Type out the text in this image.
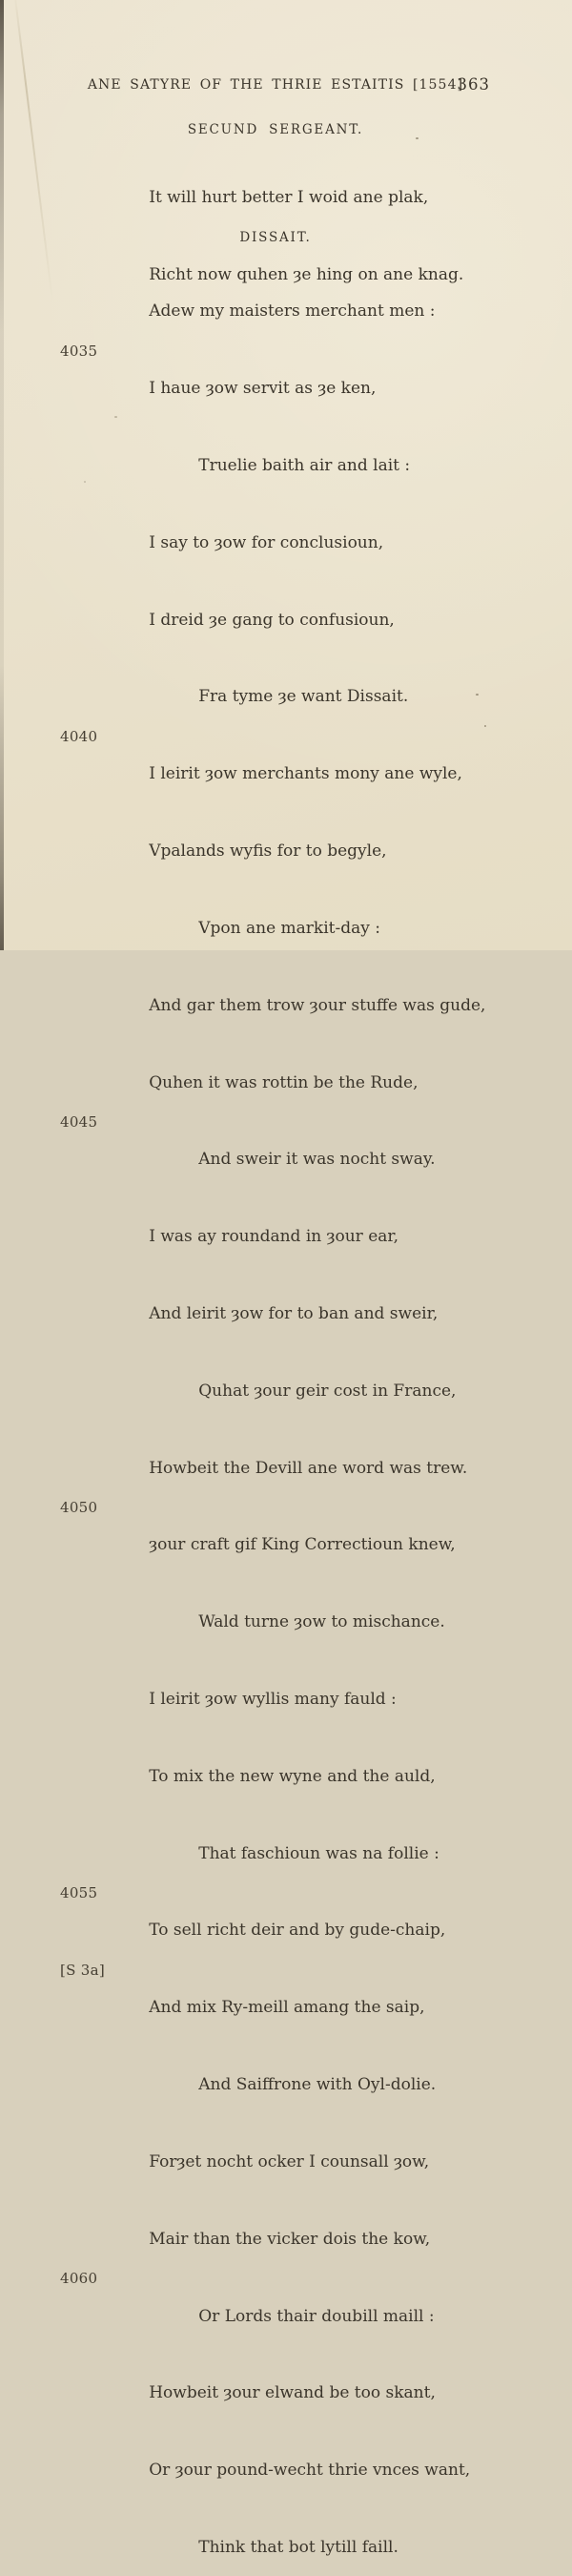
ANE SATYRE OF THE THRIE ESTAITIS [1554]
363
SECUND SERGEANT.

It will hurt better I woid ane plak,

Richt now quhen ȝe hing on ane knag.

DISSAIT.

Adew my maisters merchant men :

4035

I haue ȝow servit as ȝe ken,

Truelie baith air and lait :

I say to ȝow for conclusioun,

I dreid ȝe gang to confusioun,

Fra tyme ȝe want Dissait.

4040

I leirit ȝow merchants mony ane wyle,

Vpalands wyfis for to begyle,

Vpon ane markit-day :

And gar them trow ȝour stuffe was gude,

Quhen it was rottin be the Rude,

4045

And sweir it was nocht sway.

I was ay roundand in ȝour ear,

And leirit ȝow for to ban and sweir,

Quhat ȝour geir cost in France,

Howbeit the Devill ane word was trew.

4050

ȝour craft gif King Correctioun knew,

Wald turne ȝow to mischance.

I leirit ȝow wyllis many fauld :

To mix the new wyne and the auld,

That faschioun was na follie :

4055

To sell richt deir and by gude-chaip,

[S 3a]

And mix Ry-meill amang the saip,

And Saiffrone with Oyl-dolie.

Forȝet nocht ocker I counsall ȝow,

Mair than the vicker dois the kow,

4060

Or Lords thair doubill maill :

Howbeit ȝour elwand be too skant,

Or ȝour pound-wecht thrie vnces want,

Think that bot lytill faill.
